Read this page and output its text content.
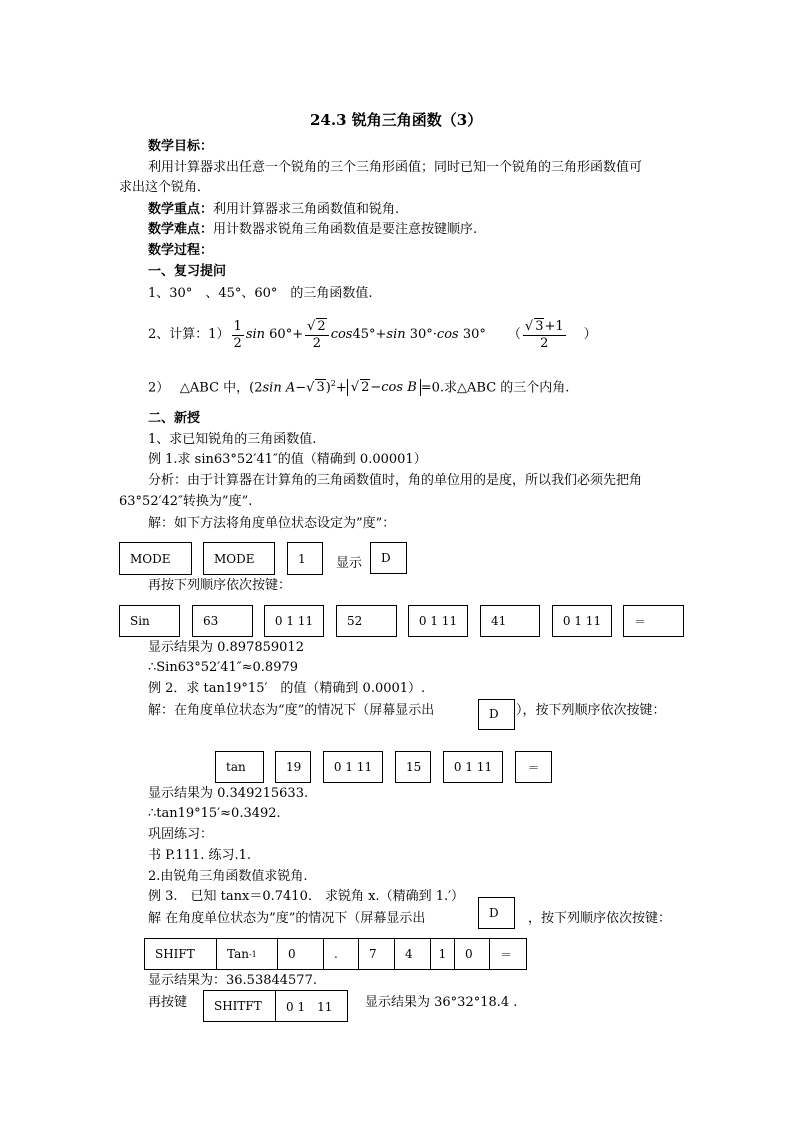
24.3 锐角三角函数（3）
数学目标：
利用计算器求出任意一个锐角的三个三角形函值；同时已知一个锐角的三角形函数值可
求出这个锐角．
数学重点：利用计算器求三角函数值和锐角.
数学难点：用计数器求锐角三角函数值是要注意按键顺序.
数学过程：
一、复习提问
1、30°　、45°、60°　的三角函数值.
2、计算：$1) \frac{1}{2}$ $\sin 60^\circ+ \frac{√ 2}{2}$ cos 45°+ sin 30°· cos 30° （ $\frac{√ 3+1}{2}$ ）
2）　 △ABC 中，(2sin A−√ 3)$^2$+ √ 2−cos B =0.求△ABC 的三个内角.
二、新授
1、求已知锐角的三角函数值.
例 1.求 sin63°52′41″的值（精确到 0.00001）
分析：由于计算器在计算角的三角函数值时，角的单位用的是度，所以我们必须先把角
63°52′42″转换为”度”.
解：如下方法将角度单位状态设定为”度”：
MODE	MODE	1	显示	D
再按下列顺序依次按键：
Sin	63	0 1 11	52	0 1 11	41	0 1 11	＝
显示结果为 0.897859012
∴Sin63°52′41″≈0.8979
例 2．求 tan19°15′　的值（精确到 0.0001）.
解：在角度单位状态为“度”的情况下（屏幕显示出	D	），按下列顺序依次按键：
tan	19	0 1 11	15	0 1 11	＝
显示结果为 0.349215633.
∴tan19°15′≈0.3492.
巩固练习：
书 P.111. 练习.1.
2.由锐角三角函数值求锐角.
例 3.　已知 tanx＝0.7410.　求锐角 x.（精确到 1.′）
解 在角度单位状态为”度”的情况下（屏幕显示出	D	，按下列顺序依次按键：
SHIFT	Tan -1	0	.	7	4	1	0	＝
显示结果为：36.53844577.
再按键	SHITFT	0 1　11	显示结果为 36°32°18.4 .
